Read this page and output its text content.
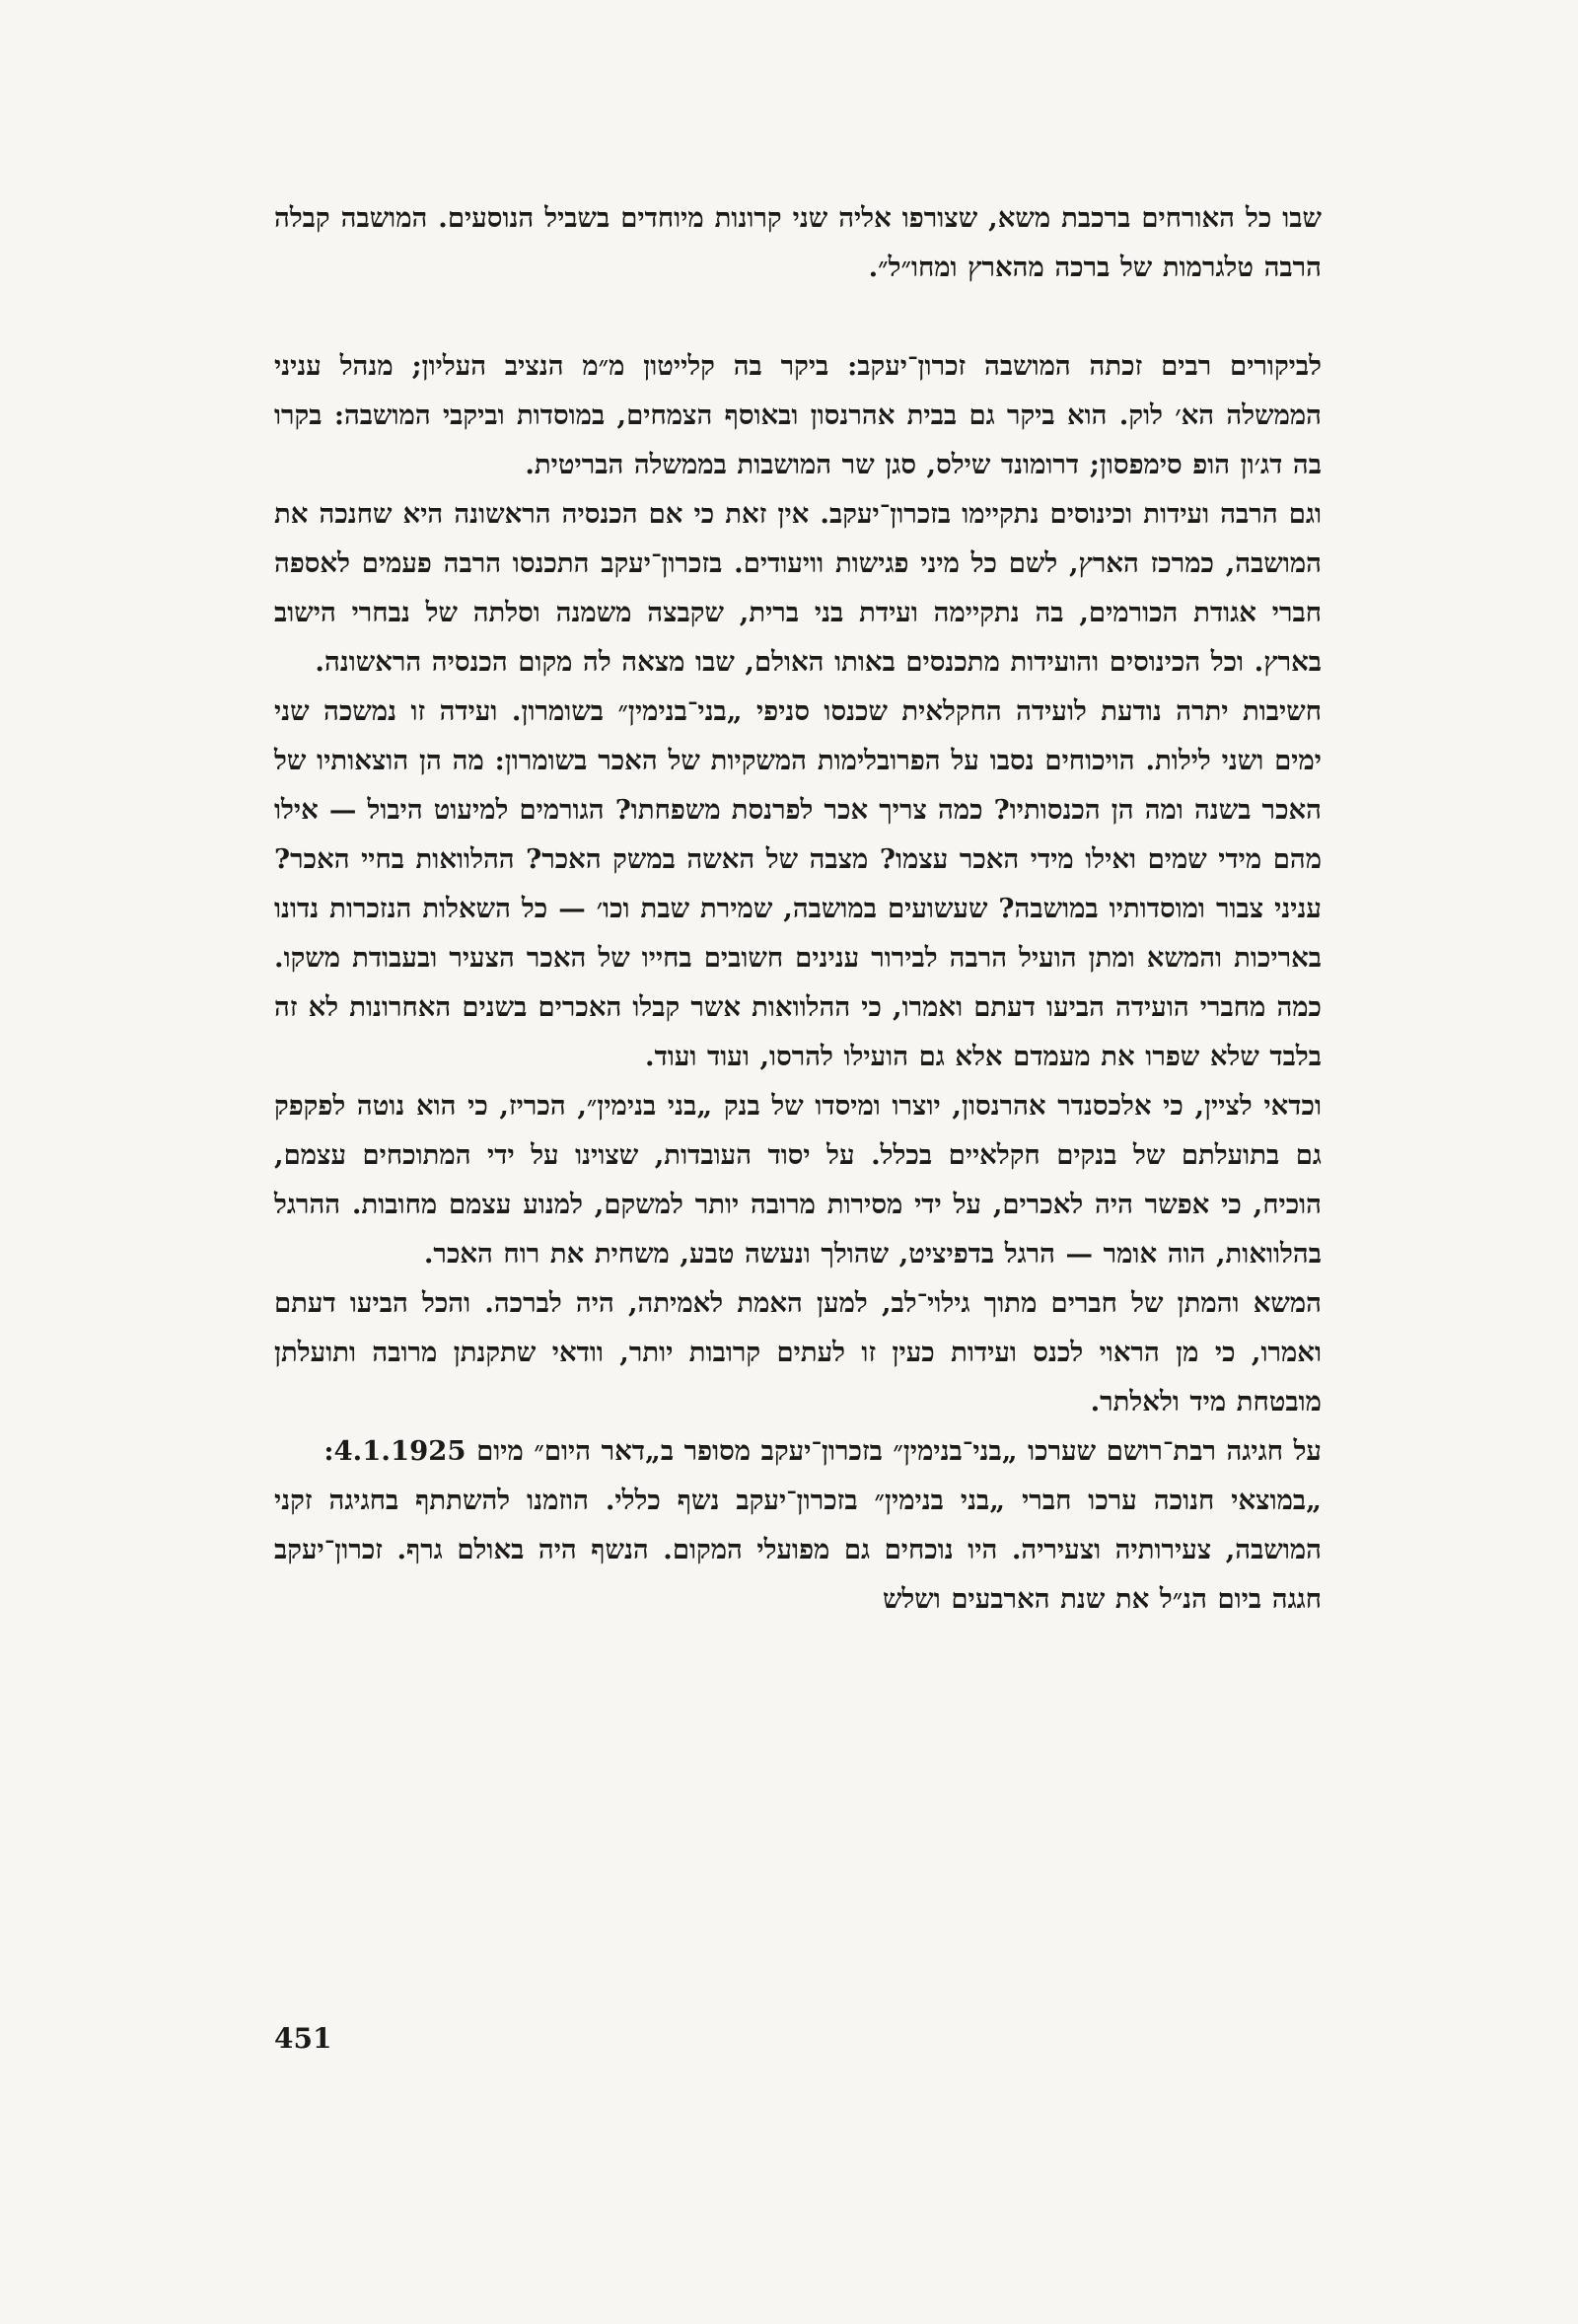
שבו כל האורחים ברכבת משא, שצורפו אליה שני קרונות מיוחדים בשביל הנוסעים. המושבה קבלה הרבה טלגרמות של ברכה מהארץ ומחו״ל״.

לביקורים רבים זכתה המושבה זכרון־יעקב: ביקר בה קלייטון מ״מ הנציב העליון; מנהל עניני הממשלה הא׳ לוק. הוא ביקר גם בבית אהרנסון ובאוסף הצמחים, במוסדות וביקבי המושבה: בקרו בה דג׳ון הופ סימפסון; דרומונד שילס, סגן שר המושבות בממשלה הבריטית.

וגם הרבה ועידות וכינוסים נתקיימו בזכרון־יעקב. אין זאת כי אם הכנסיה הראשונה היא שחנכה את המושבה, כמרכז הארץ, לשם כל מיני פגישות וויעודים. בזכרון־יעקב התכנסו הרבה פעמים לאספה חברי אגודת הכורמים, בה נתקיימה ועידת בני ברית, שקבצה משמנה וסלתה של נבחרי הישוב בארץ. וכל הכינוסים והועידות מתכנסים באותו האולם, שבו מצאה לה מקום הכנסיה הראשונה.

חשיבות יתרה נודעת לועידה החקלאית שכנסו סניפי „בני־בנימין״ בשומרון. ועידה זו נמשכה שני ימים ושני לילות. הויכוחים נסבו על הפרובלימות המשקיות של האכר בשומרון: מה הן הוצאותיו של האכר בשנה ומה הן הכנסותיו? כמה צריך אכר לפרנסת משפחתו? הגורמים למיעוט היבול — אילו מהם מידי שמים ואילו מידי האכר עצמו? מצבה של האשה במשק האכר? ההלוואות בחיי האכר? עניני צבור ומוסדותיו במושבה? שעשועים במושבה, שמירת שבת וכו׳ — כל השאלות הנזכרות נדונו באריכות והמשא ומתן הועיל הרבה לבירור ענינים חשובים בחייו של האכר הצעיר ובעבודת משקו. כמה מחברי הועידה הביעו דעתם ואמרו, כי ההלוואות אשר קבלו האכרים בשנים האחרונות לא זה בלבד שלא שפרו את מעמדם אלא גם הועילו להרסו, ועוד ועוד.

וכדאי לציין, כי אלכסנדר אהרנסון, יוצרו ומיסדו של בנק „בני בנימין״, הכריז, כי הוא נוטה לפקפק גם בתועלתם של בנקים חקלאיים בכלל. על יסוד העובדות, שצוינו על ידי המתוכחים עצמם, הוכיח, כי אפשר היה לאכרים, על ידי מסירות מרובה יותר למשקם, למנוע עצמם מחובות. ההרגל בהלוואות, הוה אומר — הרגל בדפיציט, שהולך ונעשה טבע, משחית את רוח האכר.

המשא והמתן של חברים מתוך גילוי־לב, למען האמת לאמיתה, היה לברכה. והכל הביעו דעתם ואמרו, כי מן הראוי לכנס ועידות כעין זו לעתים קרובות יותר, וודאי שתקנתן מרובה ותועלתן מובטחת מיד ולאלתר.

על חגיגה רבת־רושם שערכו „בני־בנימין״ בזכרון־יעקב מסופר ב„דאר היום״ מיום 4.1.1925:

„במוצאי חנוכה ערכו חברי „בני בנימין״ בזכרון־יעקב נשף כללי. הוזמנו להשתתף בחגיגה זקני המושבה, צעירותיה וצעיריה. היו נוכחים גם מפועלי המקום. הנשף היה באולם גרף. זכרון־יעקב חגגה ביום הנ״ל את שנת הארבעים ושלש

451
